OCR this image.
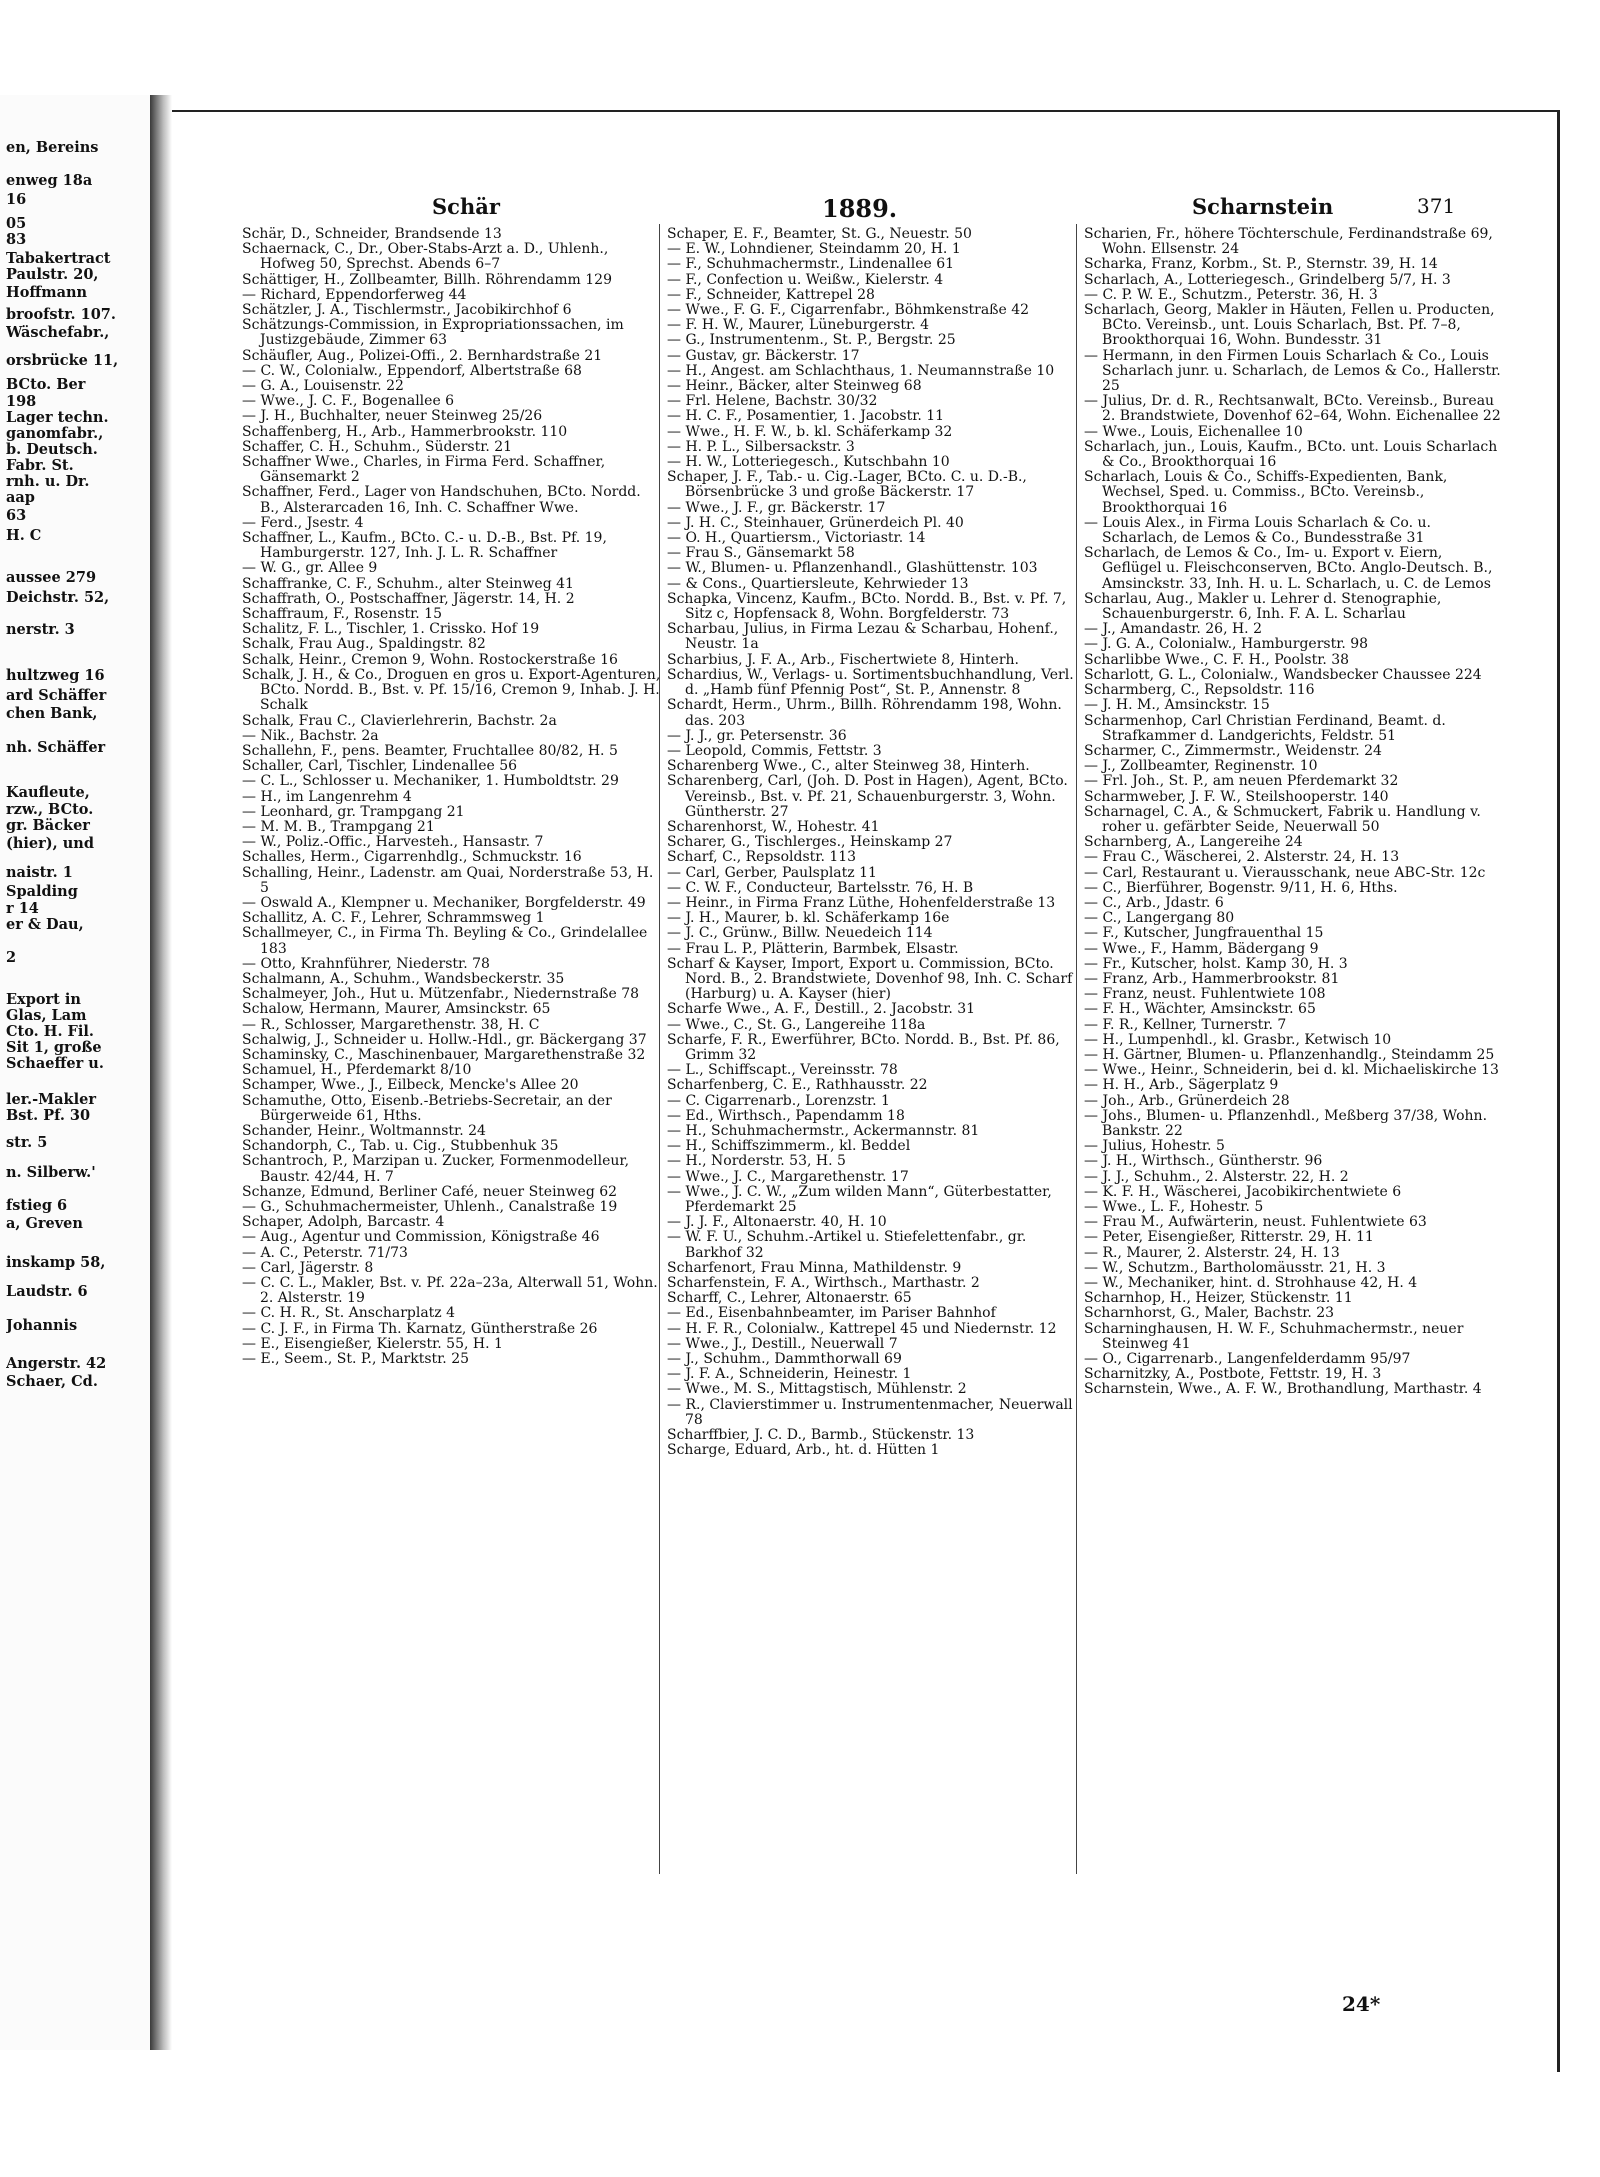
en, Bereins
enweg 18a
16
05
83
Tabakertract
Paulstr. 20,
Hoffmann
broofstr. 107.
Wäschefabr.,
orsbrücke 11,
BCto. Ber
198
Lager techn.
ganomfabr.,
b. Deutsch.
Fabr. St.
rnh. u. Dr.
aap
63
H. C
aussee 279
Deichstr. 52,
nerstr. 3
hultzweg 16
ard Schäffer
chen Bank,
nh. Schäffer
Kaufleute,
rzw., BCto.
gr. Bäcker
(hier), und
naistr. 1
Spalding
r 14
er & Dau,
2
Export in
Glas, Lam
Cto. H. Fil.
Sit 1, große
Schaeffer u.
ler.-Makler
Bst. Pf. 30
str. 5
n. Silberw.'
fstieg 6
a, Greven
inskamp 58,
Laudstr. 6
Johannis
Angerstr. 42
Schaer, Cd.
Schär	1889.	Scharnstein	371

Schär, D., Schneider, Brandsende 13

Schaernack, C., Dr., Ober-Stabs-Arzt a. D., Uhlenh., Hofweg 50, Sprechst. Abends 6–7

Schättiger, H., Zollbeamter, Billh. Röhrendamm 129

— Richard, Eppendorferweg 44

Schätzler, J. A., Tischlermstr., Jacobikirchhof 6

Schätzungs-Commission, in Expropriationssachen, im Justizgebäude, Zimmer 63

Schäufler, Aug., Polizei-Offi., 2. Bernhardstraße 21

— C. W., Colonialw., Eppendorf, Albertstraße 68

— G. A., Louisenstr. 22

— Wwe., J. C. F., Bogenallee 6

— J. H., Buchhalter, neuer Steinweg 25/26

Schaffenberg, H., Arb., Hammerbrookstr. 110

Schaffer, C. H., Schuhm., Süderstr. 21

Schaffner Wwe., Charles, in Firma Ferd. Schaffner, Gänsemarkt 2

Schaffner, Ferd., Lager von Handschuhen, BCto. Nordd. B., Alsterarcaden 16, Inh. C. Schaffner Wwe.

— Ferd., Jsestr. 4

Schaffner, L., Kaufm., BCto. C.- u. D.-B., Bst. Pf. 19, Hamburgerstr. 127, Inh. J. L. R. Schaffner

— W. G., gr. Allee 9

Schaffranke, C. F., Schuhm., alter Steinweg 41

Schaffrath, O., Postschaffner, Jägerstr. 14, H. 2

Schaffraum, F., Rosenstr. 15

Schalitz, F. L., Tischler, 1. Crissko. Hof 19

Schalk, Frau Aug., Spaldingstr. 82

Schalk, Heinr., Cremon 9, Wohn. Rostockerstraße 16

Schalk, J. H., & Co., Droguen en gros u. Export-Agenturen, BCto. Nordd. B., Bst. v. Pf. 15/16, Cremon 9, Inhab. J. H. Schalk

Schalk, Frau C., Clavierlehrerin, Bachstr. 2a

— Nik., Bachstr. 2a

Schallehn, F., pens. Beamter, Fruchtallee 80/82, H. 5

Schaller, Carl, Tischler, Lindenallee 56

— C. L., Schlosser u. Mechaniker, 1. Humboldtstr. 29

— H., im Langenrehm 4

— Leonhard, gr. Trampgang 21

— M. M. B., Trampgang 21

— W., Poliz.-Offic., Harvesteh., Hansastr. 7

Schalles, Herm., Cigarrenhdlg., Schmuckstr. 16

Schalling, Heinr., Ladenstr. am Quai, Norderstraße 53, H. 5

— Oswald A., Klempner u. Mechaniker, Borgfelderstr. 49

Schallitz, A. C. F., Lehrer, Schrammsweg 1

Schallmeyer, C., in Firma Th. Beyling & Co., Grindelallee 183

— Otto, Krahnführer, Niederstr. 78

Schalmann, A., Schuhm., Wandsbeckerstr. 35

Schalmeyer, Joh., Hut u. Mützenfabr., Niedernstraße 78

Schalow, Hermann, Maurer, Amsinckstr. 65

— R., Schlosser, Margarethenstr. 38, H. C

Schalwig, J., Schneider u. Hollw.-Hdl., gr. Bäckergang 37

Schaminsky, C., Maschinenbauer, Margarethenstraße 32

Schamuel, H., Pferdemarkt 8/10

Schamper, Wwe., J., Eilbeck, Mencke's Allee 20

Schamuthe, Otto, Eisenb.-Betriebs-Secretair, an der Bürgerweide 61, Hths.

Schander, Heinr., Woltmannstr. 24

Schandorph, C., Tab. u. Cig., Stubbenhuk 35

Schantroch, P., Marzipan u. Zucker, Formenmodelleur, Baustr. 42/44, H. 7

Schanze, Edmund, Berliner Café, neuer Steinweg 62

— G., Schuhmachermeister, Uhlenh., Canalstraße 19

Schaper, Adolph, Barcastr. 4

— Aug., Agentur und Commission, Königstraße 46

— A. C., Peterstr. 71/73

— Carl, Jägerstr. 8

— C. C. L., Makler, Bst. v. Pf. 22a–23a, Alterwall 51, Wohn. 2. Alsterstr. 19

— C. H. R., St. Anscharplatz 4

— C. J. F., in Firma Th. Karnatz, Güntherstraße 26

— E., Eisengießer, Kielerstr. 55, H. 1

— E., Seem., St. P., Marktstr. 25

Schaper, E. F., Beamter, St. G., Neuestr. 50

— E. W., Lohndiener, Steindamm 20, H. 1

— F., Schuhmachermstr., Lindenallee 61

— F., Confection u. Weißw., Kielerstr. 4

— F., Schneider, Kattrepel 28

— Wwe., F. G. F., Cigarrenfabr., Böhmkenstraße 42

— F. H. W., Maurer, Lüneburgerstr. 4

— G., Instrumentenm., St. P., Bergstr. 25

— Gustav, gr. Bäckerstr. 17

— H., Angest. am Schlachthaus, 1. Neumannstraße 10

— Heinr., Bäcker, alter Steinweg 68

— Frl. Helene, Bachstr. 30/32

— H. C. F., Posamentier, 1. Jacobstr. 11

— Wwe., H. F. W., b. kl. Schäferkamp 32

— H. P. L., Silbersackstr. 3

— H. W., Lotteriegesch., Kutschbahn 10

Schaper, J. F., Tab.- u. Cig.-Lager, BCto. C. u. D.-B., Börsenbrücke 3 und große Bäckerstr. 17

— Wwe., J. F., gr. Bäckerstr. 17

— J. H. C., Steinhauer, Grünerdeich Pl. 40

— O. H., Quartiersm., Victoriastr. 14

— Frau S., Gänsemarkt 58

— W., Blumen- u. Pflanzenhandl., Glashüttenstr. 103

— & Cons., Quartiersleute, Kehrwieder 13

Schapka, Vincenz, Kaufm., BCto. Nordd. B., Bst. v. Pf. 7, Sitz c, Hopfensack 8, Wohn. Borgfelderstr. 73

Scharbau, Julius, in Firma Lezau & Scharbau, Hohenf., Neustr. 1a

Scharbius, J. F. A., Arb., Fischertwiete 8, Hinterh.

Schardius, W., Verlags- u. Sortimentsbuchhandlung, Verl. d. „Hamb fünf Pfennig Post“, St. P., Annenstr. 8

Schardt, Herm., Uhrm., Billh. Röhrendamm 198, Wohn. das. 203

— J. J., gr. Petersenstr. 36

— Leopold, Commis, Fettstr. 3

Scharenberg Wwe., C., alter Steinweg 38, Hinterh.

Scharenberg, Carl, (Joh. D. Post in Hagen), Agent, BCto. Vereinsb., Bst. v. Pf. 21, Schauenburgerstr. 3, Wohn. Güntherstr. 27

Scharenhorst, W., Hohestr. 41

Scharer, G., Tischlerges., Heinskamp 27

Scharf, C., Repsoldstr. 113

— Carl, Gerber, Paulsplatz 11

— C. W. F., Conducteur, Bartelsstr. 76, H. B

— Heinr., in Firma Franz Lüthe, Hohenfelderstraße 13

— J. H., Maurer, b. kl. Schäferkamp 16e

— J. C., Grünw., Billw. Neuedeich 114

— Frau L. P., Plätterin, Barmbek, Elsastr.

Scharf & Kayser, Import, Export u. Commission, BCto. Nord. B., 2. Brandstwiete, Dovenhof 98, Inh. C. Scharf (Harburg) u. A. Kayser (hier)

Scharfe Wwe., A. F., Destill., 2. Jacobstr. 31

— Wwe., C., St. G., Langereihe 118a

Scharfe, F. R., Ewerführer, BCto. Nordd. B., Bst. Pf. 86, Grimm 32

— L., Schiffscapt., Vereinsstr. 78

Scharfenberg, C. E., Rathhausstr. 22

— C. Cigarrenarb., Lorenzstr. 1

— Ed., Wirthsch., Papendamm 18

— H., Schuhmachermstr., Ackermannstr. 81

— H., Schiffszimmerm., kl. Beddel

— H., Norderstr. 53, H. 5

— Wwe., J. C., Margarethenstr. 17

— Wwe., J. C. W., „Zum wilden Mann“, Güterbestatter, Pferdemarkt 25

— J. J. F., Altonaerstr. 40, H. 10

— W. F. U., Schuhm.-Artikel u. Stiefelettenfabr., gr. Barkhof 32

Scharfenort, Frau Minna, Mathildenstr. 9

Scharfenstein, F. A., Wirthsch., Marthastr. 2

Scharff, C., Lehrer, Altonaerstr. 65

— Ed., Eisenbahnbeamter, im Pariser Bahnhof

— H. F. R., Colonialw., Kattrepel 45 und Niedernstr. 12

— Wwe., J., Destill., Neuerwall 7

— J., Schuhm., Dammthorwall 69

— J. F. A., Schneiderin, Heinestr. 1

— Wwe., M. S., Mittagstisch, Mühlenstr. 2

— R., Clavierstimmer u. Instrumentenmacher, Neuerwall 78

Scharffbier, J. C. D., Barmb., Stückenstr. 13

Scharge, Eduard, Arb., ht. d. Hütten 1

Scharien, Fr., höhere Töchterschule, Ferdinandstraße 69, Wohn. Ellsenstr. 24

Scharka, Franz, Korbm., St. P., Sternstr. 39, H. 14

Scharlach, A., Lotteriegesch., Grindelberg 5/7, H. 3

— C. P. W. E., Schutzm., Peterstr. 36, H. 3

Scharlach, Georg, Makler in Häuten, Fellen u. Producten, BCto. Vereinsb., unt. Louis Scharlach, Bst. Pf. 7–8, Brookthorquai 16, Wohn. Bundesstr. 31

— Hermann, in den Firmen Louis Scharlach & Co., Louis Scharlach junr. u. Scharlach, de Lemos & Co., Hallerstr. 25

— Julius, Dr. d. R., Rechtsanwalt, BCto. Vereinsb., Bureau 2. Brandstwiete, Dovenhof 62–64, Wohn. Eichenallee 22

— Wwe., Louis, Eichenallee 10

Scharlach, jun., Louis, Kaufm., BCto. unt. Louis Scharlach & Co., Brookthorquai 16

Scharlach, Louis & Co., Schiffs-Expedienten, Bank, Wechsel, Sped. u. Commiss., BCto. Vereinsb., Brookthorquai 16

— Louis Alex., in Firma Louis Scharlach & Co. u. Scharlach, de Lemos & Co., Bundesstraße 31

Scharlach, de Lemos & Co., Im- u. Export v. Eiern, Geflügel u. Fleischconserven, BCto. Anglo-Deutsch. B., Amsinckstr. 33, Inh. H. u. L. Scharlach, u. C. de Lemos

Scharlau, Aug., Makler u. Lehrer d. Stenographie, Schauenburgerstr. 6, Inh. F. A. L. Scharlau

— J., Amandastr. 26, H. 2

— J. G. A., Colonialw., Hamburgerstr. 98

Scharlibbe Wwe., C. F. H., Poolstr. 38

Scharlott, G. L., Colonialw., Wandsbecker Chaussee 224

Scharmberg, C., Repsoldstr. 116

— J. H. M., Amsinckstr. 15

Scharmenhop, Carl Christian Ferdinand, Beamt. d. Strafkammer d. Landgerichts, Feldstr. 51

Scharmer, C., Zimmermstr., Weidenstr. 24

— J., Zollbeamter, Reginenstr. 10

— Frl. Joh., St. P., am neuen Pferdemarkt 32

Scharmweber, J. F. W., Steilshooperstr. 140

Scharnagel, C. A., & Schmuckert, Fabrik u. Handlung v. roher u. gefärbter Seide, Neuerwall 50

Scharnberg, A., Langereihe 24

— Frau C., Wäscherei, 2. Alsterstr. 24, H. 13

— Carl, Restaurant u. Vierausschank, neue ABC-Str. 12c

— C., Bierführer, Bogenstr. 9/11, H. 6, Hths.

— C., Arb., Jdastr. 6

— C., Langergang 80

— F., Kutscher, Jungfrauenthal 15

— Wwe., F., Hamm, Bädergang 9

— Fr., Kutscher, holst. Kamp 30, H. 3

— Franz, Arb., Hammerbrookstr. 81

— Franz, neust. Fuhlentwiete 108

— F. H., Wächter, Amsinckstr. 65

— F. R., Kellner, Turnerstr. 7

— H., Lumpenhdl., kl. Grasbr., Ketwisch 10

— H. Gärtner, Blumen- u. Pflanzenhandlg., Steindamm 25

— Wwe., Heinr., Schneiderin, bei d. kl. Michaeliskirche 13

— H. H., Arb., Sägerplatz 9

— Joh., Arb., Grünerdeich 28

— Johs., Blumen- u. Pflanzenhdl., Meßberg 37/38, Wohn. Bankstr. 22

— Julius, Hohestr. 5

— J. H., Wirthsch., Güntherstr. 96

— J. J., Schuhm., 2. Alsterstr. 22, H. 2

— K. F. H., Wäscherei, Jacobikirchentwiete 6

— Wwe., L. F., Hohestr. 5

— Frau M., Aufwärterin, neust. Fuhlentwiete 63

— Peter, Eisengießer, Ritterstr. 29, H. 11

— R., Maurer, 2. Alsterstr. 24, H. 13

— W., Schutzm., Bartholomäusstr. 21, H. 3

— W., Mechaniker, hint. d. Strohhause 42, H. 4

Scharnhop, H., Heizer, Stückenstr. 11

Scharnhorst, G., Maler, Bachstr. 23

Scharninghausen, H. W. F., Schuhmachermstr., neuer Steinweg 41

— O., Cigarrenarb., Langenfelderdamm 95/97

Scharnitzky, A., Postbote, Fettstr. 19, H. 3

Scharnstein, Wwe., A. F. W., Brothandlung, Marthastr. 4

24*
